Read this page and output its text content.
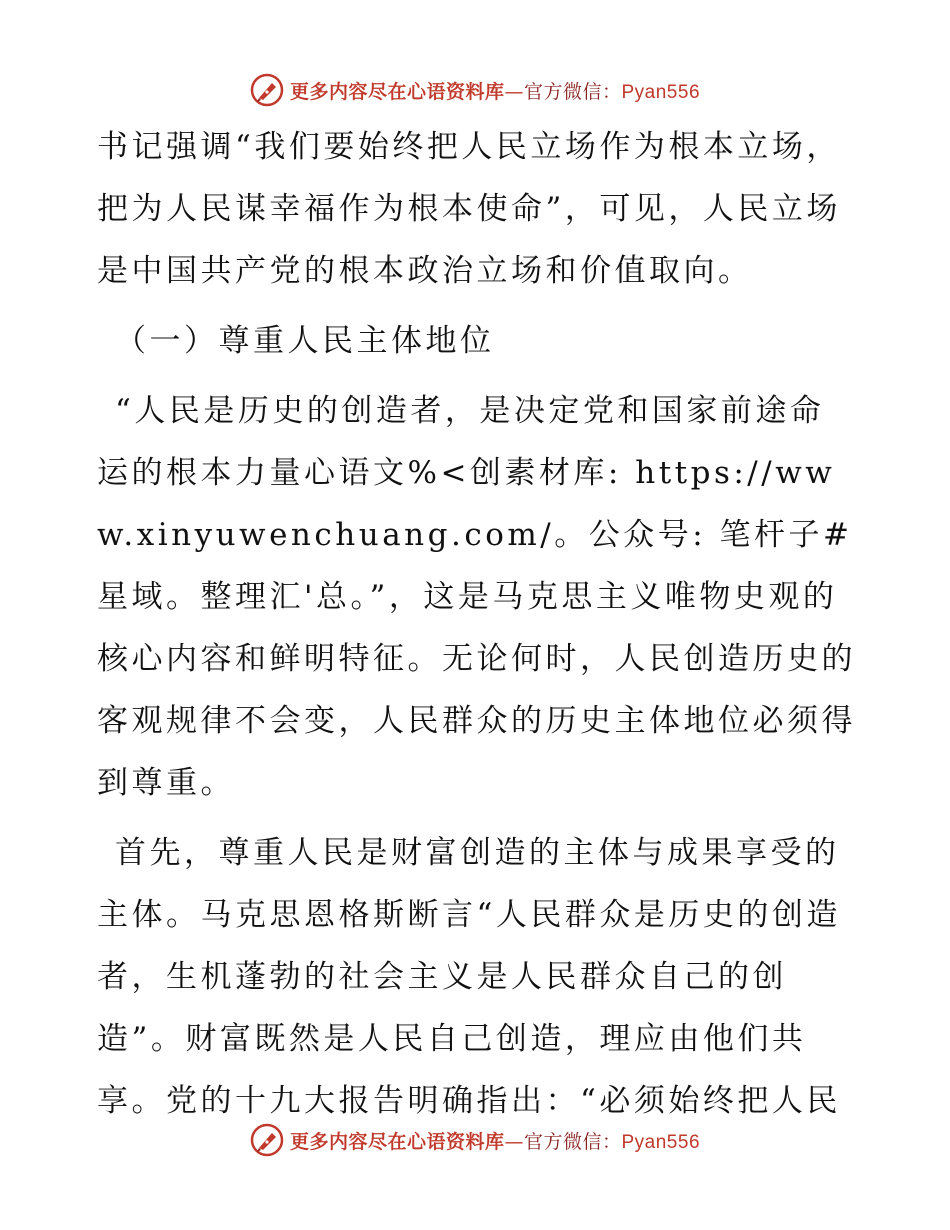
更多内容尽在心语资料库—官方微信：Pyan556

书记强调“我们要始终把人民立场作为根本立场，把为人民谋幸福作为根本使命”，可见，人民立场是中国共产党的根本政治立场和价值取向。

（一）尊重人民主体地位

“人民是历史的创造者，是决定党和国家前途命运的根本力量心语文%<创素材库: https://www.xinyuwenchuang.com/。公众号: 笔杆子#星域。整理汇'总。”，这是马克思主义唯物史观的核心内容和鲜明特征。无论何时，人民创造历史的客观规律不会变，人民群众的历史主体地位必须得到尊重。

首先，尊重人民是财富创造的主体与成果享受的主体。马克思恩格斯断言“人民群众是历史的创造者，生机蓬勃的社会主义是人民群众自己的创造”。财富既然是人民自己创造，理应由他们共享。党的十九大报告明确指出：“必须始终把人民

更多内容尽在心语资料库—官方微信：Pyan556
